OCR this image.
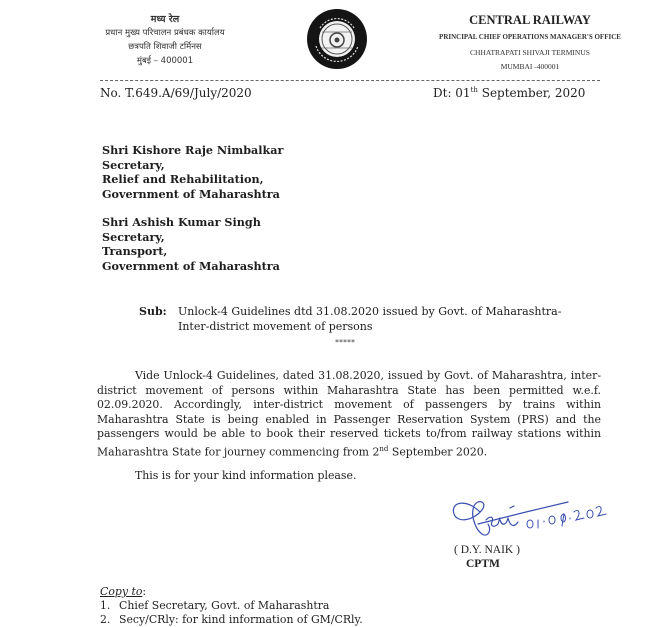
मध्य रेल
प्रधान मुख्य परिचालन प्रबंधक कार्यालय
छत्रपति शिवाजी टर्मिनस
मुंबई – 400001
CENTRAL RAILWAY
PRINCIPAL CHIEF OPERATIONS MANAGER'S OFFICE
CHHATRAPATI SHIVAJI TERMINUS
MUMBAI -400001
No. T.649.A/69/July/2020	Dt: 01th September, 2020
Shri Kishore Raje Nimbalkar
Secretary,
Relief and Rehabilitation,
Government of Maharashtra
Shri Ashish Kumar Singh
Secretary,
Transport,
Government of Maharashtra
Sub: Unlock-4 Guidelines dtd 31.08.2020 issued by Govt. of Maharashtra-
Inter-district movement of persons
*****
Vide Unlock-4 Guidelines, dated 31.08.2020, issued by Govt. of Maharashtra, inter-district movement of persons within Maharashtra State has been permitted w.e.f. 02.09.2020. Accordingly, inter-district movement of passengers by trains within Maharashtra State is being enabled in Passenger Reservation System (PRS) and the passengers would be able to book their reserved tickets to/from railway stations within Maharashtra State for journey commencing from 2nd September 2020.
This is for your kind information please.
( D.Y. NAIK )
CPTM
Copy to:
1. Chief Secretary, Govt. of Maharashtra
2. Secy/CRly: for kind information of GM/CRly.
